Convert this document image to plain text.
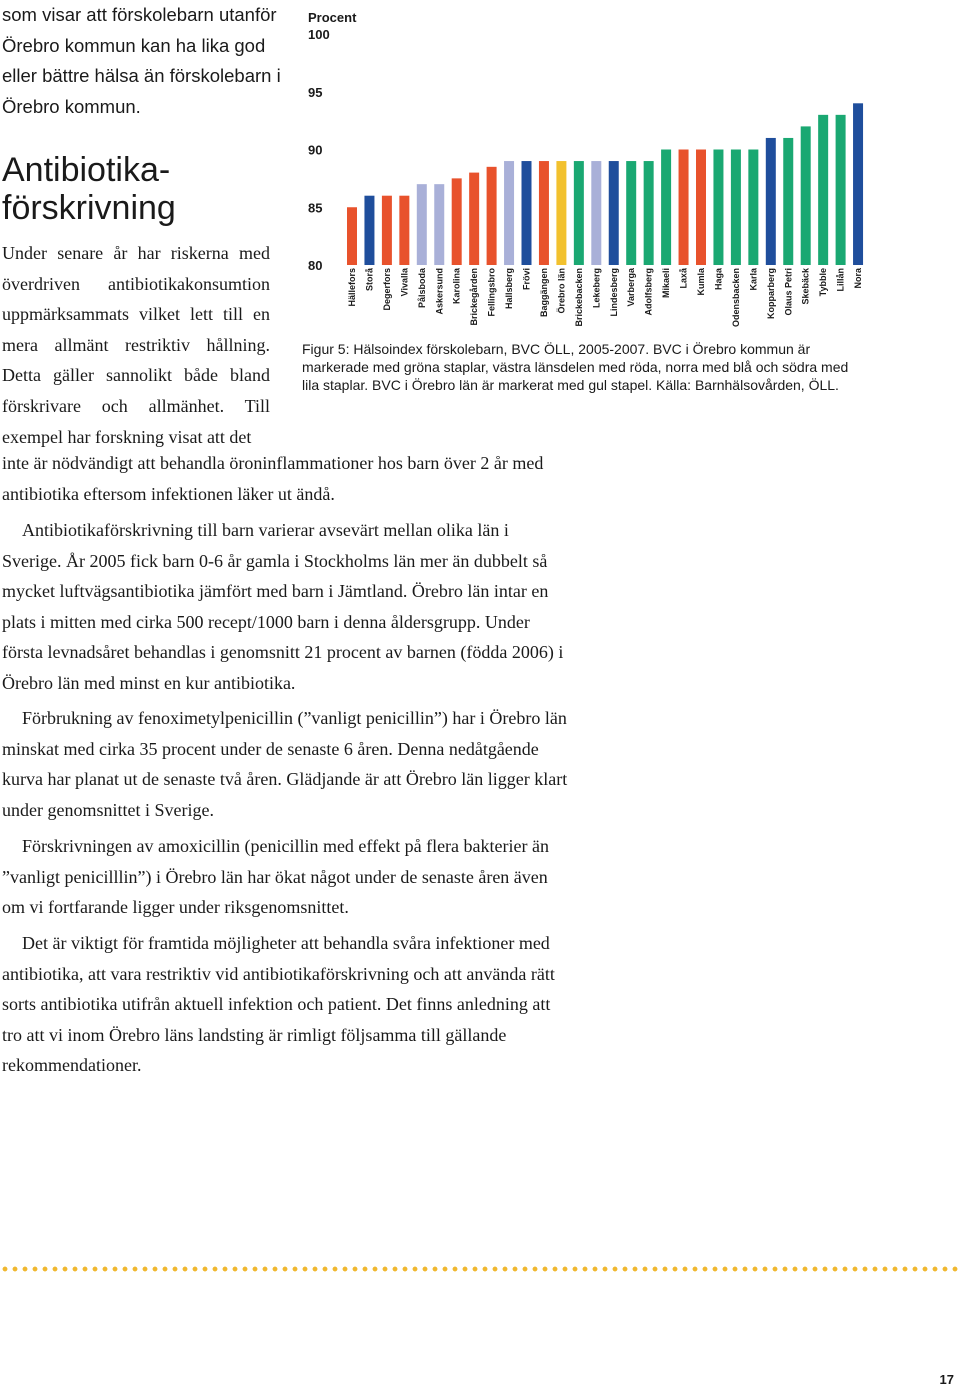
som visar att förskolebarn utanför Örebro kommun kan ha lika god eller bättre hälsa än förskolebarn i Örebro kommun.
Antibiotika-förskrivning

Under senare år har riskerna med överdriven antibiotikakonsumtion uppmärksammats vilket lett till en mera allmänt restriktiv hållning. Detta gäller sannolikt både bland förskrivare och allmänhet. Till exempel har forskning visat att det

inte är nödvändigt att behandla öroninflammationer hos barn över 2 år med antibiotika eftersom infektionen läker ut ändå.

Antibiotikaförskrivning till barn varierar avsevärt mellan olika län i Sverige. År 2005 fick barn 0-6 år gamla i Stockholms län mer än dubbelt så mycket luftvägsantibiotika jämfört med barn i Jämtland. Örebro län intar en plats i mitten med cirka 500 recept/1000 barn i denna åldersgrupp. Under första levnadsåret behandlas i genomsnitt 21 procent av barnen (födda 2006) i Örebro län med minst en kur antibiotika.

Förbrukning av fenoximetylpenicillin (”vanligt penicillin”) har i Örebro län minskat med cirka 35 procent under de senaste 6 åren. Denna nedåtgående kurva har planat ut de senaste två åren. Glädjande är att Örebro län ligger klart under genomsnittet i Sverige.

Förskrivningen av amoxicillin (penicillin med effekt på flera bakterier än ”vanligt penicilllin”) i Örebro län har ökat något under de senaste åren även om vi fortfarande ligger under riksgenomsnittet.

Det är viktigt för framtida möjligheter att behandla svåra infektioner med antibiotika, att vara restriktiv vid antibiotikaförskrivning och att använda rätt sorts antibiotika utifrån aktuell infektion och patient. Det finns anledning att tro att vi inom Örebro läns landsting är rimligt följsamma till gällande rekommendationer.

Procent
100
95
90
85
80
Hällefors Storå Degerfors Vivalla Pålsboda Askersund Karolina Brickegården Fellingsbro Hallsberg Frövi Baggängen Örebro län Brickebacken Lekeberg Lindesberg Varberga Adolfsberg Mikaeli Laxå Kumla Haga Odensbacken Karla Kopparberg Olaus Petri Skebäck Tybble Lillån Nora

Figur 5: Hälsoindex förskolebarn, BVC ÖLL, 2005-2007. BVC i Örebro kommun är markerade med gröna staplar, västra länsdelen med röda, norra med blå och södra med lila staplar. BVC i Örebro län är markerat med gul stapel. Källa: Barnhälsovården, ÖLL.

17
